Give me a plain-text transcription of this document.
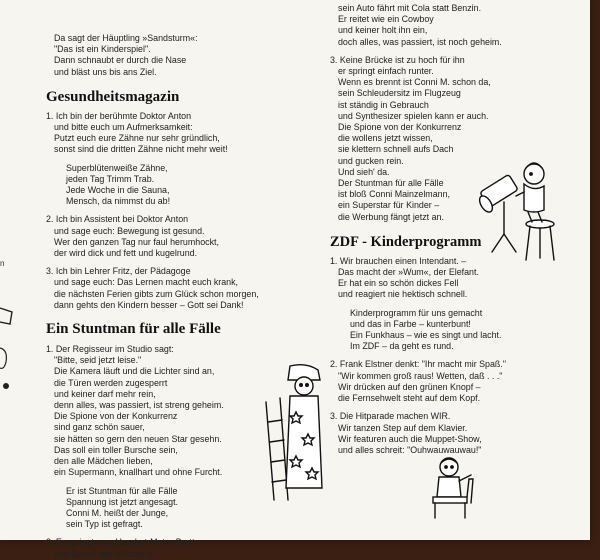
n
Da sagt der Häuptling »Sandsturm«:
"Das ist ein Kinderspiel".
Dann schnaubt er durch die Nase
und bläst uns bis ans Ziel.
Gesundheitsmagazin
1. Ich bin der berühmte Doktor Anton
und bitte euch um Aufmerksamkeit:
Putzt euch eure Zähne nur sehr gründlich,
sonst sind die dritten Zähne nicht mehr weit!
Superblütenweiße Zähne,
jeden Tag Trimm Trab.
Jede Woche in die Sauna,
Mensch, da nimmst du ab!
2. Ich bin Assistent bei Doktor Anton
und sage euch: Bewegung ist gesund.
Wer den ganzen Tag nur faul herumhockt,
der wird dick und fett und kugelrund.
3. Ich bin Lehrer Fritz, der Pädagoge
und sage euch: Das Lernen macht euch krank,
die nächsten Ferien gibts zum Glück schon morgen,
dann gehts den Kindern besser – Gott sei Dank!
Ein Stuntman für alle Fälle
1. Der Regisseur im Studio sagt:
"Bitte, seid jetzt leise."
Die Kamera läuft und die Lichter sind an,
die Türen werden zugesperrt
und keiner darf mehr rein,
denn alles, was passiert, ist streng geheim.
Die Spione von der Konkurrenz
sind ganz schön sauer,
sie hätten so gern den neuen Star gesehn.
Das soll ein toller Bursche sein,
den alle Mädchen lieben,
ein Supermann, knallhart und ohne Furcht.
Er ist Stuntman für alle Fälle
Spannung ist jetzt angesagt.
Conni M. heißt der Junge,
sein Typ ist gefragt.
2. Er springt vom Hundert-Meter-Brett
und lächelt wie Madonna,
sein Auto fährt mit Cola statt Benzin.
Er reitet wie ein Cowboy
und keiner holt ihn ein,
doch alles, was passiert, ist noch geheim.
3. Keine Brücke ist zu hoch für ihn
er springt einfach runter.
Wenn es brennt ist Conni M. schon da,
sein Schleudersitz im Flugzeug
ist ständig in Gebrauch
und Synthesizer spielen kann er auch.
Die Spione von der Konkurrenz
die wollens jetzt wissen,
sie klettern schnell aufs Dach
und gucken rein.
Und sieh' da.
Der Stuntman für alle Fälle
ist bloß Conni Mainzelmann,
ein Superstar für Kinder –
die Werbung fängt jetzt an.
ZDF - Kinderprogramm
1. Wir brauchen einen Intendant. –
Das macht der »Wum«, der Elefant.
Er hat ein so schön dickes Fell
und reagiert nie hektisch schnell.
Kinderprogramm für uns gemacht
und das in Farbe – kunterbunt!
Ein Funkhaus – wie es singt und lacht.
Im ZDF – da geht es rund.
2. Frank Elstner denkt: "Ihr macht mir Spaß."
"Wir kommen groß raus! Wetten, daß . . ."
Wir drücken auf den grünen Knopf –
die Fernsehwelt steht auf dem Kopf.
3. Die Hitparade machen WIR.
Wir tanzen Step auf dem Klavier.
Wir featuren auch die Muppet-Show,
und alles schreit: "Ouhwauwauwau!"
